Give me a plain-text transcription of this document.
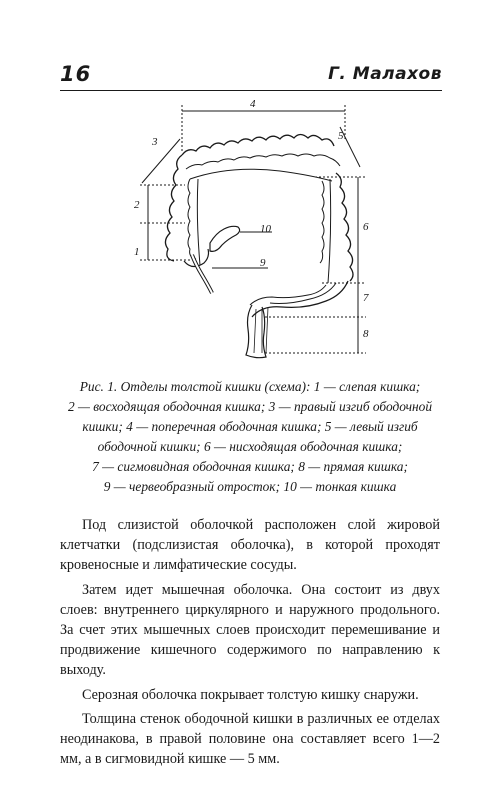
16	Г. Малахов
1
2
3
4
5
6
7
8
9
10

Рис. 1. Отделы толстой кишки (схема): 1 — слепая кишка;

2 — восходящая ободочная кишка; 3 — правый изгиб ободочной

кишки; 4 — поперечная ободочная кишка; 5 — левый изгиб

ободочной кишки; 6 — нисходящая ободочная кишка;

7 — сигмовидная ободочная кишка; 8 — прямая кишка;

9 — червеобразный отросток; 10 — тонкая кишка

Под слизистой оболочкой расположен слой жировой клетчатки (подслизистая оболочка), в которой проходят кровеносные и лимфатические сосуды.

Затем идет мышечная оболочка. Она состоит из двух слоев: внутреннего циркулярного и наружного продольного. За счет этих мышечных слоев происходит перемешивание и продвижение кишечного содержимого по направлению к выходу.

Серозная оболочка покрывает толстую кишку снаружи.

Толщина стенок ободочной кишки в различных ее отделах неодинакова, в правой половине она составляет всего 1—2 мм, а в сигмовидной кишке — 5 мм.
